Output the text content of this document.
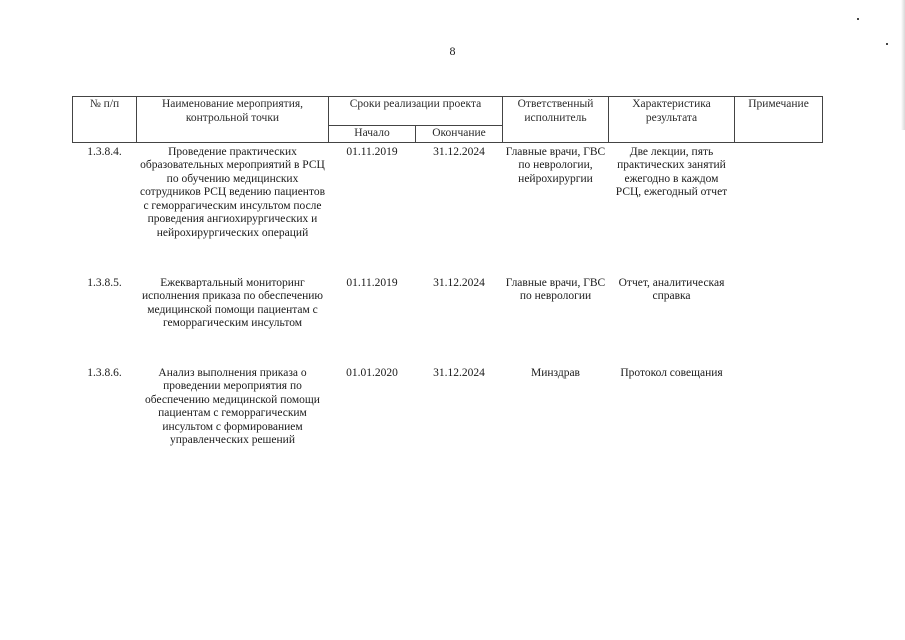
8
№ п/п	Наименование мероприятия, контрольной точки	Сроки реализации проекта		Ответственный исполнитель	Характеристика результата	Примечание
		Начало	Окончание			
1.3.8.4.	Проведение практических образовательных мероприятий в РСЦ по обучению медицинских сотрудников РСЦ ведению пациентов с геморрагическим инсультом после проведения ангиохирургических и нейрохирургических операций	01.11.2019	31.12.2024	Главные врачи, ГВС по неврологии, нейрохирургии	Две лекции, пять практических занятий ежегодно в каждом РСЦ, ежегодный отчет	
1.3.8.5.	Ежеквартальный мониторинг исполнения приказа по обеспечению медицинской помощи пациентам с геморрагическим инсультом	01.11.2019	31.12.2024	Главные врачи, ГВС по неврологии	Отчет, аналитическая справка	
1.3.8.6.	Анализ выполнения приказа о проведении мероприятия по обеспечению медицинской помощи пациентам с геморрагическим инсультом с формированием управленческих решений	01.01.2020	31.12.2024	Минздрав	Протокол совещания	
